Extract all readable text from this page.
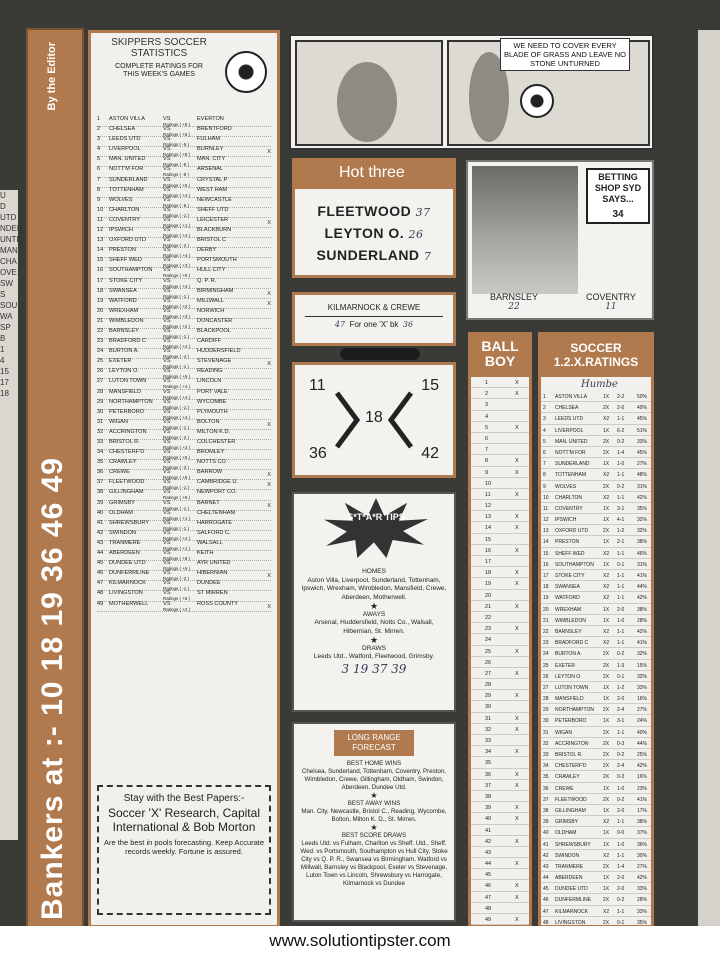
U
D
UTD
NDER
UNTD
MAN
CHA
OVE
SW
S
SOU
WA
SP
B
1
4
15
17
18
By the Editor
Bankers at :- 10 18 19 36 46 49
SKIPPERS SOCCER STATISTICS
COMPLETE RATINGS FOR THIS WEEK'S GAMES
1	ASTON VILLA	VS	EVERTON
Ratings ( +5 )
2	CHELSEA	VS	BRENTFORD
Ratings ( +5 )
3	LEEDS UTD	VS	FULHAM
Ratings ( -5 )
4	LIVERPOOL	VS	BURNLEY
Ratings ( +8 )	X
5	MAN. UNITED	VS	MAN. CITY
Ratings ( -5 )
6	NOTT'M FOR	VS	ARSENAL
Ratings ( -9 )
7	SUNDERLAND	VS	CRYSTAL P
Ratings ( +5 )
8	TOTTENHAM	VS	WEST HAM
Ratings ( +4 )
9	WOLVES	VS	NEWCASTLE
Ratings ( -6 )
10	CHARLTON	VS	SHEFF UTD
Ratings ( -1 )
11	COVENTRY	VS	LEICESTER
Ratings ( +1 )	X
12	IPSWICH	VS	BLACKBURN
Ratings ( +4 )
13	OXFORD UTD	VS	BRISTOL C
Ratings ( -2 )
14	PRESTON	VS	DERBY
Ratings ( +4 )
15	SHEFF WED	VS	PORTSMOUTH
Ratings ( +3 )
16	SOUTHAMPTON VS	HULL CITY
Ratings ( +5 )
17	STOKE CITY	VS	Q. P. R.
Ratings ( +4 )
18	SWANSEA	VS	BIRMINGHAM
Ratings ( -1 )	X
19	WATFORD	VS	MILLWALL
Ratings ( +2 )	X
20	WREXHAM	VS	NORWICH
Ratings ( +3 )
21	WIMBLEDON	VS	DONCASTER
Ratings ( +2 )
22	BARNSLEY	VS	BLACKPOOL
Ratings ( -1 )
23	BRADFORD C	VS	CARDIFF
Ratings ( +4 )
24	BURTON A.	VS	HUDDERSFIELD
Ratings ( -4 )
25	EXETER	VS	STEVENAGE
Ratings ( -1 )	X
26	LEYTON O.	VS	READING
Ratings ( +5 )
27	LUTON TOWN	VS	LINCOLN
Ratings ( +4 )
28	MANSFIELD	VS	PORT VALE
Ratings ( +4 )
29	NORTHAMPTON VS	WYCOMBE
Ratings ( -1 )
30	PETERBORO	VS	PLYMOUTH
Ratings ( +4 )
31	WIGAN	VS	BOLTON
Ratings ( -1 )	X
32	ACCRINGTON	VS	MILTON K.D.
Ratings ( -2 )
33	BRISTOL R.	VS	COLCHESTER
Ratings ( +2 )
34	CHESTERF'D	VS	BROMLEY
Ratings ( +5 )
35	CRAWLEY	VS	NOTTS CO
Ratings ( -3 )
36	CREWE	VS	BARROW
Ratings ( +5 )	X
37	FLEETWOOD	VS	CAMBRIDGE U.
Ratings ( -1 )	X
38	GILLINGHAM	VS	NEWPORT CO.
Ratings ( +5 )
39	GRIMSBY	VS	BARNET
Ratings ( -1 )	X
40	OLDHAM	VS	CHELTENHAM
Ratings ( +1 )
41	SHREWSBURY	VS	HARROGATE
Ratings ( -1 )
42	SWINDON	VS	SALFORD C.
Ratings ( +4 )
43	TRANMERE	VS	WALSALL
Ratings ( +1 )
44	ABERDEEN	VS	KEITH
Ratings ( +8 )
45	DUNDEE UTD	VS	AYR UNITED
Ratings ( +6 )
46	DUNFERMLINE VS	HIBERNIAN
Ratings ( -2 )	X
47	KILMARNOCK	VS	DUNDEE
Ratings ( -1 )
48	LIVINGSTON	VS	ST MIRREN
Ratings ( +5 )
49	MOTHERWELL	VS	ROSS COUNTY
Ratings ( +2 )	X
Stay with the Best Papers:-
Soccer 'X' Research, Capital International & Bob Morton
Are the best in pools forecasting. Keep Accurate records weekly. Fortune is assured.
WE NEED TO COVER EVERY BLADE OF GRASS AND LEAVE NO STONE UNTURNED
Hot three
FLEETWOOD 37
LEYTON O. 26
SUNDERLAND 7
KILMARNOCK & CREWE
47 For one 'X' bk 36
11	15
18
36	42
S*T*A*R TIPS
HOMES
Aston Villa, Liverpool, Sunderland, Tottenham, Ipswich, Wrexham, Wimbledon, Mansfield, Crewe, Aberdeen, Motherwell.
★
AWAYS
Arsenal, Huddersfield, Notts Co., Walsall, Hibernian, St. Mirren.
★
DRAWS
Leeds Utd., Watford, Fleetwood, Grimsby.
3 19 37 39
LONG RANGE FORECAST
BEST HOME WINS
Chelsea, Sunderland, Tottenham, Coventry, Preston, Wimbledon, Crewe, Gillingham, Oldham, Swindon, Aberdeen, Dundee Utd.
★
BEST AWAY WINS
Man. City, Newcastle, Bristol C., Reading, Wycombe, Bolton, Milton K. D., St. Mirren.
★
BEST SCORE DRAWS
Leeds Utd. vs Fulham, Charlton vs Sheff. Utd., Sheff. Wed. vs Portsmouth, Southampton vs Hull City, Stoke City vs Q. P. R., Swansea vs Birmingham, Watford vs Millwall, Barnsley vs Blackpool, Exeter vs Stevenage, Luton Town vs Lincoln, Shrewsbury vs Harrogate, Kilmarnock vs Dundee
BETTING SHOP SYD SAYS...
34
BARNSLEY
22
COVENTRY
11
BALL BOY
1	X
2	X
3
4
5	X
6
7
8	X
9	X
10
11	X
12
13	X
14	X
15
16	X
17
18	X
19	X
20
21	X
22
23	X
24
25	X
26
27	X
28
29	X
30
31	X
32	X
33
34	X
35
36	X
37	X
38
39	X
40	X
41
42	X
43
44	X
45
46	X
47	X
48
49	X
SOCCER 1.2.X.RATINGS
Humbe
1 ASTON VILLA	1X 2-2	50%
2 CHELSEA	2X 2-0	49%
3 LEEDS UTD	X2 1-1	45%
4 LIVERPOOL	1X 6-2	51%
5 MAN. UNITED	2X 0-2	33%
6 NOTT'M FOR	2X 1-4	45%
7 SUNDERLAND	1X 1-0	27%
8 TOTTENHAM	X2 1-1	48%
9 WOLVES	2X 0-2	31%
10 CHARLTON	X2 1-1	42%
11 COVENTRY	1X 3-1	35%
12 IPSWICH	1X 4-1	32%
13 OXFORD UTD	2X 1-2	32%
14 PRESTON	1X 2-1	38%
15 SHEFF WED	X2 1-1	46%
16 SOUTHAMPTON 1X 0-1	31%
17 STOKE CITY	X2 1-1	41%
18 SWANSEA	X2 1-1	44%
19 WATFORD	X2 1-1	42%
20 WREXHAM	1X 2-0	38%
21 WIMBLEDON	1X 1-0	28%
22 BARNSLEY	X2 1-1	42%
23 BRADFORD C	X2 1-1	41%
24 BURTON A.	2X 0-2	32%
25 EXETER	2X 1-3	15%
26 LEYTON O.	2X 0-1	32%
27 LUTON TOWN	1X 1-2	33%
28 MANSFIELD	1X 2-0	16%
29 NORTHAMPTON 2X 2-4	27%
30 PETERBORO	1X 3-1	24%
31 WIGAN	2X 1-1	40%
32 ACCRINGTON	2X 0-3	44%
33 BRISTOL R.	2X 0-2	25%
34 CHESTERF'D	2X 2-4	42%
35 CRAWLEY	2X 0-3	16%
36 CREWE	1X 1-0	23%
37 FLEETWOOD	2X 0-2	41%
38 GILLINGHAM	1X 2-0	17%
39 GRIMSBY	X2 1-1	38%
40 OLDHAM	1X 0-0	37%
41 SHREWSBURY 1X 1-0	36%
42 SWINDON	X2 1-1	30%
43 TRANMERE	2X 1-4	27%
44 ABERDEEN	1X 2-0	42%
45 DUNDEE UTD	1X 2-0	33%
46 DUNFERMLINE 2X 0-2	28%
47 KILMARNOCK	X2 1-1	33%
48 LIVINGSTON	2X 0-1	35%
www.solutiontipster.com
